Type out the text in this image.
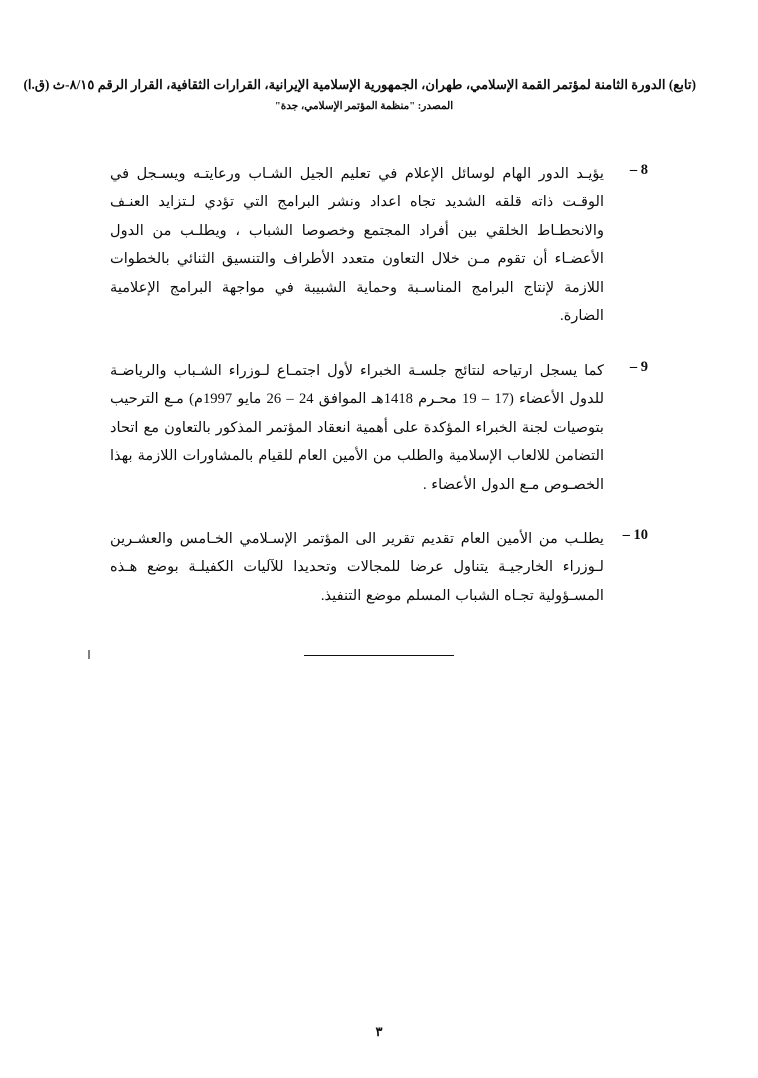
(تابع) الدورة الثامنة لمؤتمر القمة الإسلامي، طهران، الجمهورية الإسلامية الإيرانية، القرارات الثقافية، القرار الرقم ٨/١٥-ث (ق.ا)
المصدر: "منظمة المؤتمر الإسلامي، جدة"
8 –
يؤيـد الدور الهام لوسائل الإعلام في تعليم الجيل الشـاب ورعايتـه ويسـجل في الوقـت ذاته قلقه الشديد تجاه اعداد ونشر البرامج التي تؤدي لـتزايد العنـف والانحطـاط الخلقي بين أفراد المجتمع وخصوصا الشباب ، ويطلـب من الدول الأعضـاء أن تقوم مـن خلال التعاون متعدد الأطراف والتنسيق الثنائي بالخطوات اللازمة لإنتاج البرامج المناسـبة وحماية الشبيبة في مواجهة البرامج الإعلامية الضارة.
9 –
كما يسجل ارتياحه لنتائج جلسـة الخبراء لأول اجتمـاع لـوزراء الشـباب والرياضـة للدول الأعضاء (17 – 19 محـرم 1418هـ الموافق 24 – 26 مايو 1997م) مـع الترحيب بتوصيات لجنة الخبراء المؤكدة على أهمية انعقاد المؤتمر المذكور بالتعاون مع اتحاد التضامن للالعاب الإسلامية والطلب من الأمين العام للقيام بالمشاورات اللازمة بهذا الخصـوص مـع الدول الأعضاء .
10 –
يطلـب من الأمين العام تقديم تقرير الى المؤتمر الإسـلامي الخـامس والعشـرين لـوزراء الخارجيـة يتناول عرضا للمجالات وتحديدا للآليات الكفيلـة بوضع هـذه المسـؤولية تجـاه الشباب المسلم موضع التنفيذ.
٣
